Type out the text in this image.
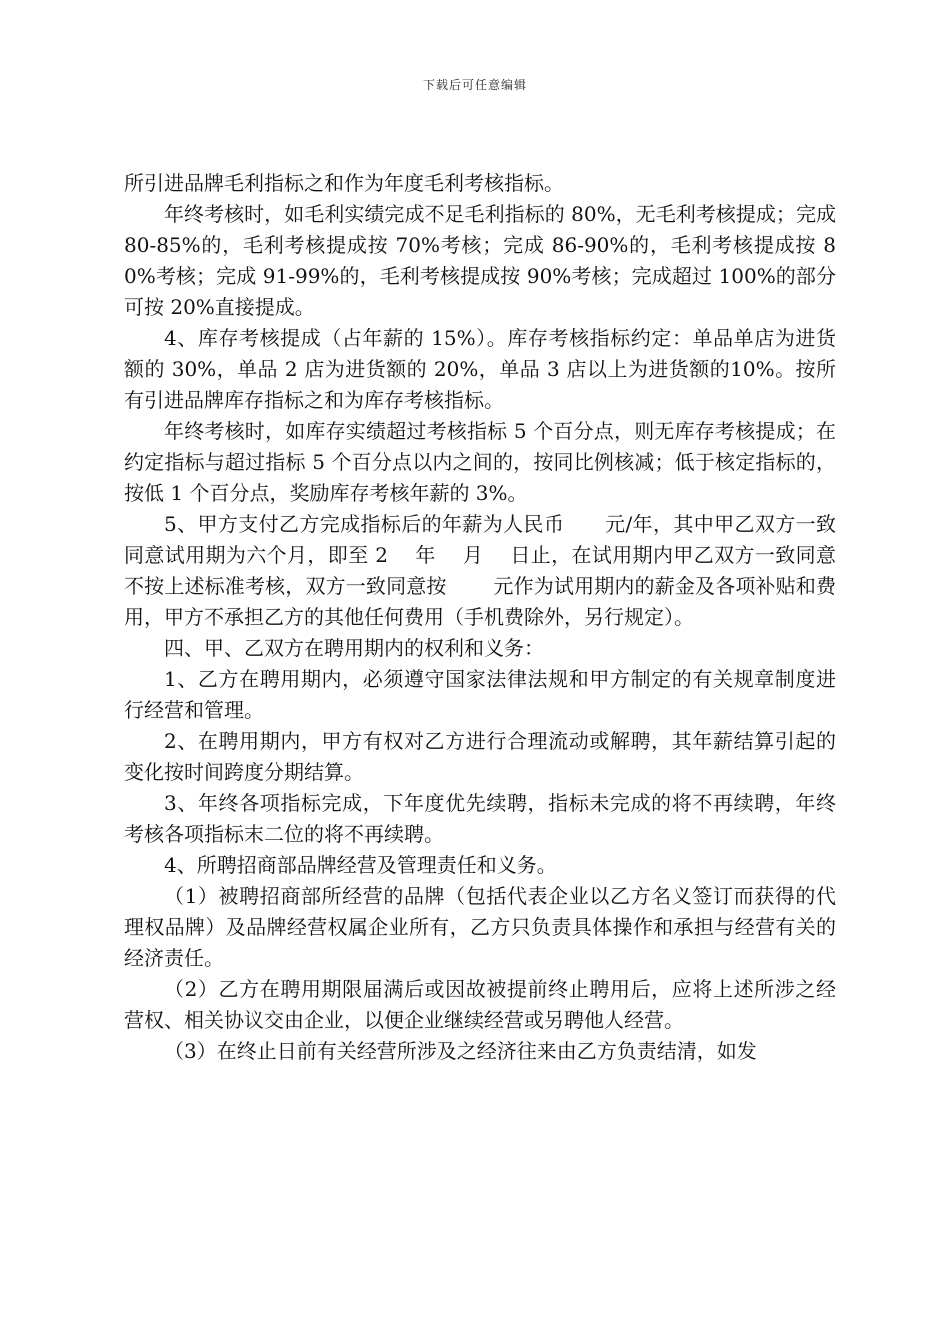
下载后可任意编辑

所引进品牌毛利指标之和作为年度毛利考核指标。

年终考核时，如毛利实绩完成不足毛利指标的 80%，无毛利考核提成；完成 80-85%的，毛利考核提成按 70%考核；完成 86-90%的，毛利考核提成按 80%考核；完成 91-99%的，毛利考核提成按 90%考核；完成超过 100%的部分可按 20%直接提成。

4、库存考核提成（占年薪的 15%）。库存考核指标约定：单品单店为进货额的 30%，单品 2 店为进货额的 20%，单品 3 店以上为进货额的10%。按所有引进品牌库存指标之和为库存考核指标。

年终考核时，如库存实绩超过考核指标 5 个百分点，则无库存考核提成；在约定指标与超过指标 5 个百分点以内之间的，按同比例核减；低于核定指标的，按低 1 个百分点，奖励库存考核年薪的 3%。

5、甲方支付乙方完成指标后的年薪为人民币　　元/年，其中甲乙双方一致同意试用期为六个月，即至 2　 年　 月　 日止，在试用期内甲乙双方一致同意不按上述标准考核，双方一致同意按　　 元作为试用期内的薪金及各项补贴和费用，甲方不承担乙方的其他任何费用（手机费除外，另行规定）。

四、甲、乙双方在聘用期内的权利和义务：

1、乙方在聘用期内，必须遵守国家法律法规和甲方制定的有关规章制度进行经营和管理。

2、在聘用期内，甲方有权对乙方进行合理流动或解聘，其年薪结算引起的变化按时间跨度分期结算。

3、年终各项指标完成，下年度优先续聘，指标未完成的将不再续聘，年终考核各项指标末二位的将不再续聘。

4、所聘招商部品牌经营及管理责任和义务。

（1）被聘招商部所经营的品牌（包括代表企业以乙方名义签订而获得的代理权品牌）及品牌经营权属企业所有，乙方只负责具体操作和承担与经营有关的经济责任。

（2）乙方在聘用期限届满后或因故被提前终止聘用后，应将上述所涉之经营权、相关协议交由企业，以便企业继续经营或另聘他人经营。

（3）在终止日前有关经营所涉及之经济往来由乙方负责结清，如发
